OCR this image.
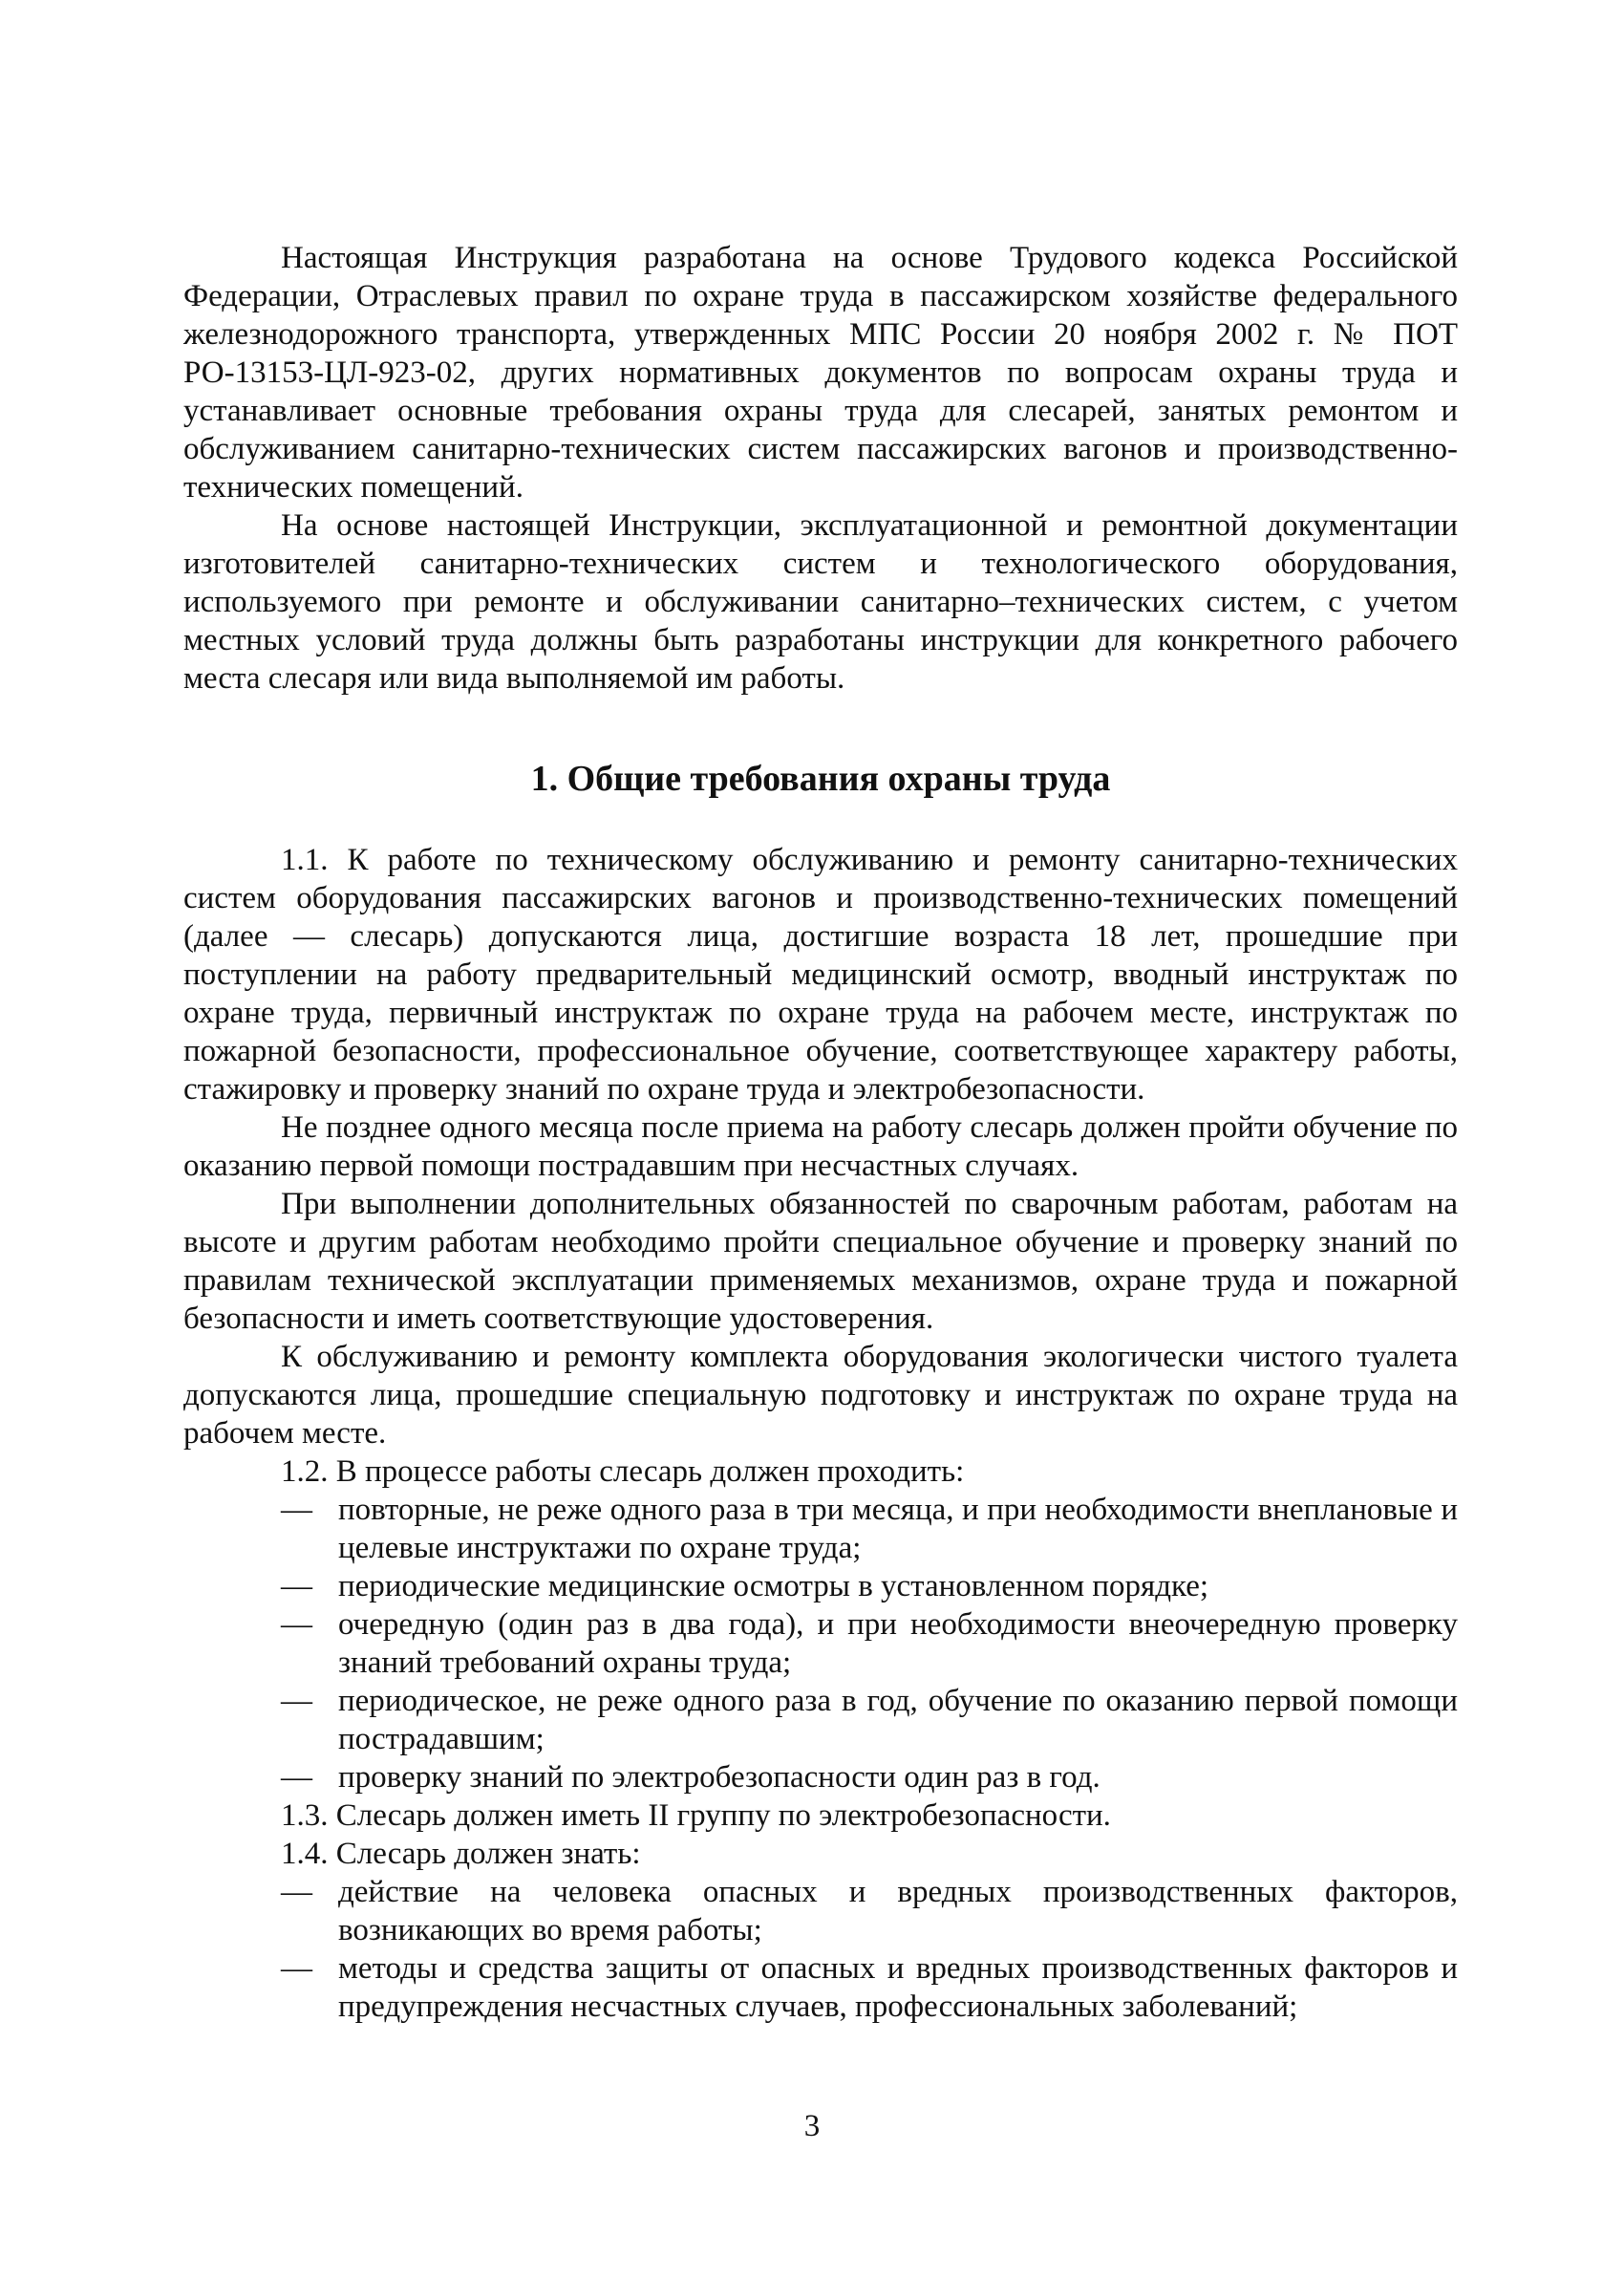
Настоящая Инструкция разработана на основе Трудового кодекса Российской Федерации, Отраслевых правил по охране труда в пассажирском хозяйстве федерального железнодорожного транспорта, утвержденных МПС России 20 ноября 2002 г. № ПОТ РО-13153-ЦЛ-923-02, других нормативных документов по вопросам охраны труда и устанавливает основные требования охраны труда для слесарей, занятых ремонтом и обслуживанием санитарно-технических систем пассажирских вагонов и производственно-технических помещений.

На основе настоящей Инструкции, эксплуатационной и ремонтной документации изготовителей санитарно-технических систем и технологического оборудования, используемого при ремонте и обслуживании санитарно–технических систем, с учетом местных условий труда должны быть разработаны инструкции для конкретного рабочего места слесаря или вида выполняемой им работы.

1. Общие требования охраны труда

1.1. К работе по техническому обслуживанию и ремонту санитарно-технических систем оборудования пассажирских вагонов и производственно-технических помещений (далее — слесарь) допускаются лица, достигшие возраста 18 лет, прошедшие при поступлении на работу предварительный медицинский осмотр, вводный инструктаж по охране труда, первичный инструктаж по охране труда на рабочем месте, инструктаж по пожарной безопасности, профессиональное обучение, соответствующее характеру работы, стажировку и проверку знаний по охране труда и электробезопасности.

Не позднее одного месяца после приема на работу слесарь должен пройти обучение по оказанию первой помощи пострадавшим при несчастных случаях.

При выполнении дополнительных обязанностей по сварочным работам, работам на высоте и другим работам необходимо пройти специальное обучение и проверку знаний по правилам технической эксплуатации применяемых механизмов, охране труда и пожарной безопасности и иметь соответствующие удостоверения.

К обслуживанию и ремонту комплекта оборудования экологически чистого туалета допускаются лица, прошедшие специальную подготовку и инструктаж по охране труда на рабочем месте.

1.2. В процессе работы слесарь должен проходить:

— повторные, не реже одного раза в три месяца, и при необходимости внеплановые и целевые инструктажи по охране труда;
— периодические медицинские осмотры в установленном порядке;
— очередную (один раз в два года), и при необходимости внеочередную проверку знаний требований охраны труда;
— периодическое, не реже одного раза в год, обучение по оказанию первой помощи пострадавшим;
— проверку знаний по электробезопасности один раз в год.

1.3. Слесарь должен иметь II группу по электробезопасности.

1.4. Слесарь должен знать:

— действие на человека опасных и вредных производственных факторов, возникающих во время работы;
— методы и средства защиты от опасных и вредных производственных факторов и предупреждения несчастных случаев, профессиональных заболеваний;
3
